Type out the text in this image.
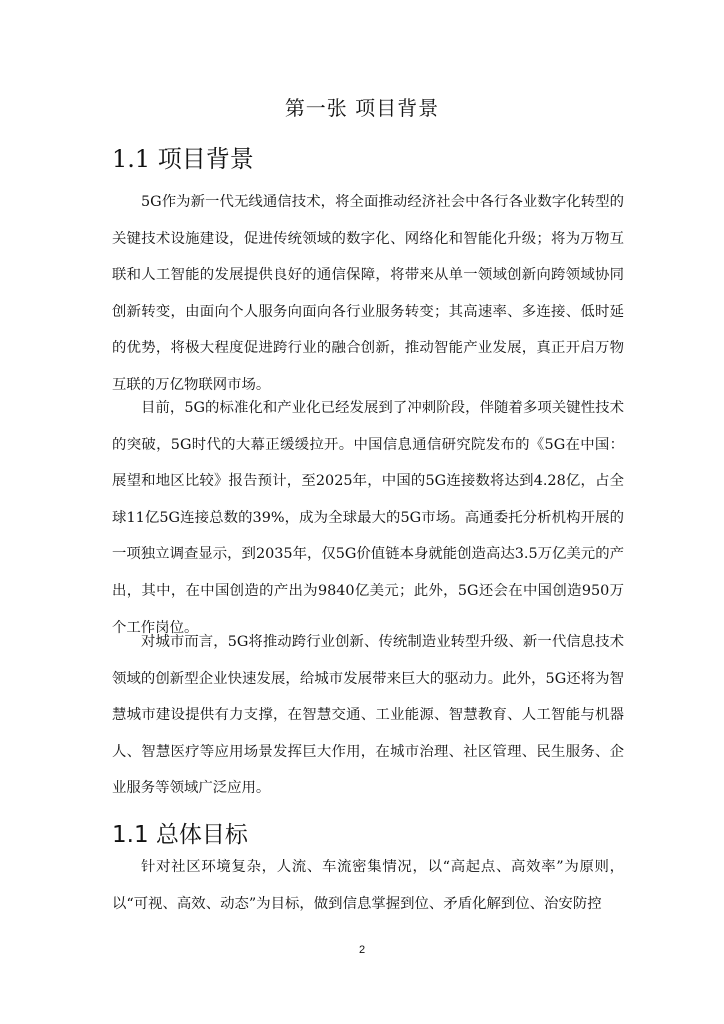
第一张 项目背景
1.1 项目背景

5G作为新一代无线通信技术，将全面推动经济社会中各行各业数字化转型的关键技术设施建设，促进传统领域的数字化、网络化和智能化升级；将为万物互联和人工智能的发展提供良好的通信保障，将带来从单一领域创新向跨领域协同创新转变，由面向个人服务向面向各行业服务转变；其高速率、多连接、低时延的优势，将极大程度促进跨行业的融合创新，推动智能产业发展，真正开启万物互联的万亿物联网市场。

目前，5G的标准化和产业化已经发展到了冲刺阶段，伴随着多项关键性技术的突破，5G时代的大幕正缓缓拉开。中国信息通信研究院发布的《5G在中国：展望和地区比较》报告预计，至2025年，中国的5G连接数将达到4.28亿，占全球11亿5G连接总数的39%，成为全球最大的5G市场。高通委托分析机构开展的一项独立调查显示，到2035年，仅5G价值链本身就能创造高达3.5万亿美元的产出，其中，在中国创造的产出为9840亿美元；此外，5G还会在中国创造950万个工作岗位。

对城市而言，5G将推动跨行业创新、传统制造业转型升级、新一代信息技术领域的创新型企业快速发展，给城市发展带来巨大的驱动力。此外，5G还将为智慧城市建设提供有力支撑，在智慧交通、工业能源、智慧教育、人工智能与机器人、智慧医疗等应用场景发挥巨大作用，在城市治理、社区管理、民生服务、企业服务等领域广泛应用。

1.1 总体目标

针对社区环境复杂，人流、车流密集情况，以“高起点、高效率”为原则，以“可视、高效、动态”为目标，做到信息掌握到位、矛盾化解到位、治安防控

2
